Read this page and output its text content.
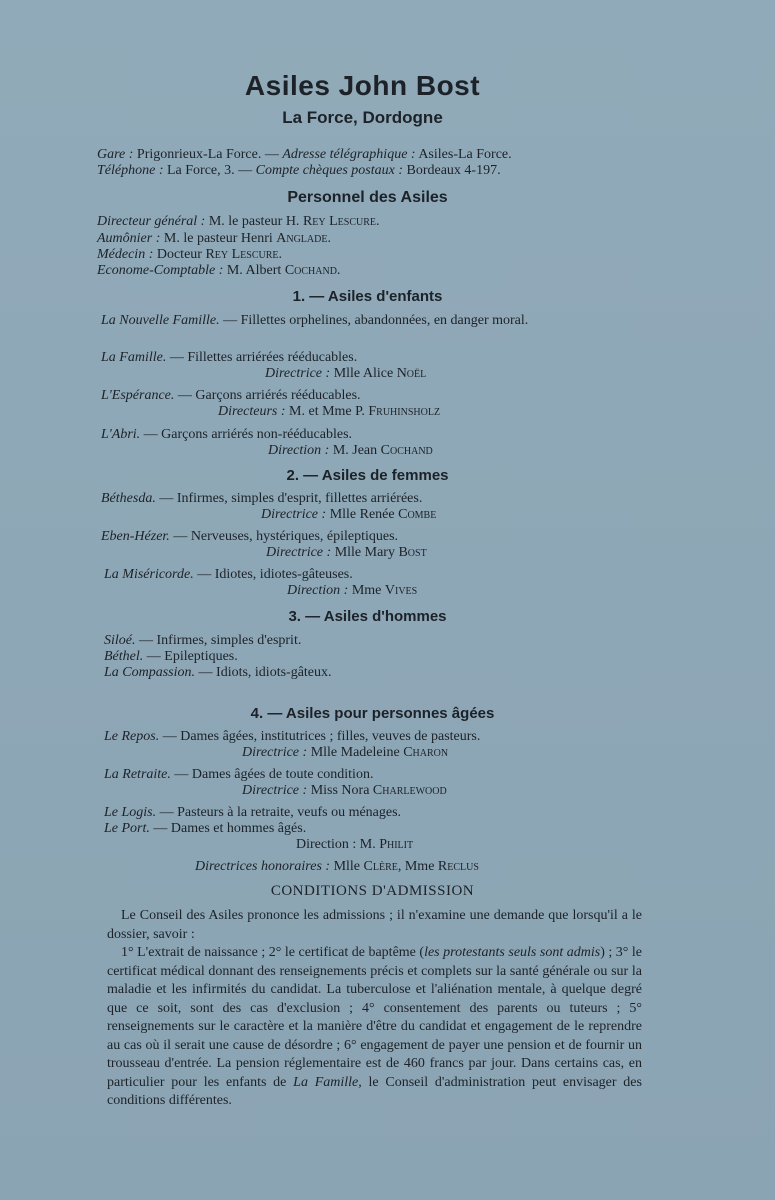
Asiles John Bost
La Force, Dordogne
Gare : Prigonrieux-La Force. — Adresse télégraphique : Asiles-La Force.
Téléphone : La Force, 3. — Compte chèques postaux : Bordeaux 4-197.
Personnel des Asiles
Directeur général : M. le pasteur H. Rey Lescure.
Aumônier : M. le pasteur Henri Anglade.
Médecin : Docteur Rey Lescure.
Econome-Comptable : M. Albert Cochand.
1. — Asiles d'enfants
La Nouvelle Famille. — Fillettes orphelines, abandonnées, en danger moral.
La Famille. — Fillettes arriérées rééducables.
Directrice : Mlle Alice Noël
L'Espérance. — Garçons arriérés rééducables.
Directeurs : M. et Mme P. Fruhinsholz
L'Abri. — Garçons arriérés non-rééducables.
Direction : M. Jean Cochand
2. — Asiles de femmes
Béthesda. — Infirmes, simples d'esprit, fillettes arriérées.
Directrice : Mlle Renée Combe
Eben-Hézer. — Nerveuses, hystériques, épileptiques.
Directrice : Mlle Mary Bost
La Miséricorde. — Idiotes, idiotes-gâteuses.
Direction : Mme Vives
3. — Asiles d'hommes
Siloé. — Infirmes, simples d'esprit.
Béthel. — Epileptiques.
La Compassion. — Idiots, idiots-gâteux.
4. — Asiles pour personnes âgées
Le Repos. — Dames âgées, institutrices ; filles, veuves de pasteurs.
Directrice : Mlle Madeleine Charon
La Retraite. — Dames âgées de toute condition.
Directrice : Miss Nora Charlewood
Le Logis. — Pasteurs à la retraite, veufs ou ménages.
Le Port. — Dames et hommes âgés.
Direction : M. Philit
Directrices honoraires : Mlle Clère, Mme Reclus
CONDITIONS D'ADMISSION
Le Conseil des Asiles prononce les admissions ; il n'examine une demande que lorsqu'il a le dossier, savoir :
1° L'extrait de naissance ; 2° le certificat de baptême (les protestants seuls sont admis) ; 3° le certificat médical donnant des renseignements précis et complets sur la santé générale ou sur la maladie et les infirmités du candidat. La tuberculose et l'aliénation mentale, à quelque degré que ce soit, sont des cas d'exclusion ; 4° consentement des parents ou tuteurs ; 5° renseignements sur le caractère et la manière d'être du candidat et engagement de le reprendre au cas où il serait une cause de désordre ; 6° engagement de payer une pension et de fournir un trousseau d'entrée. La pension réglementaire est de 460 francs par jour. Dans certains cas, en particulier pour les enfants de La Famille, le Conseil d'administration peut envisager des conditions différentes.
